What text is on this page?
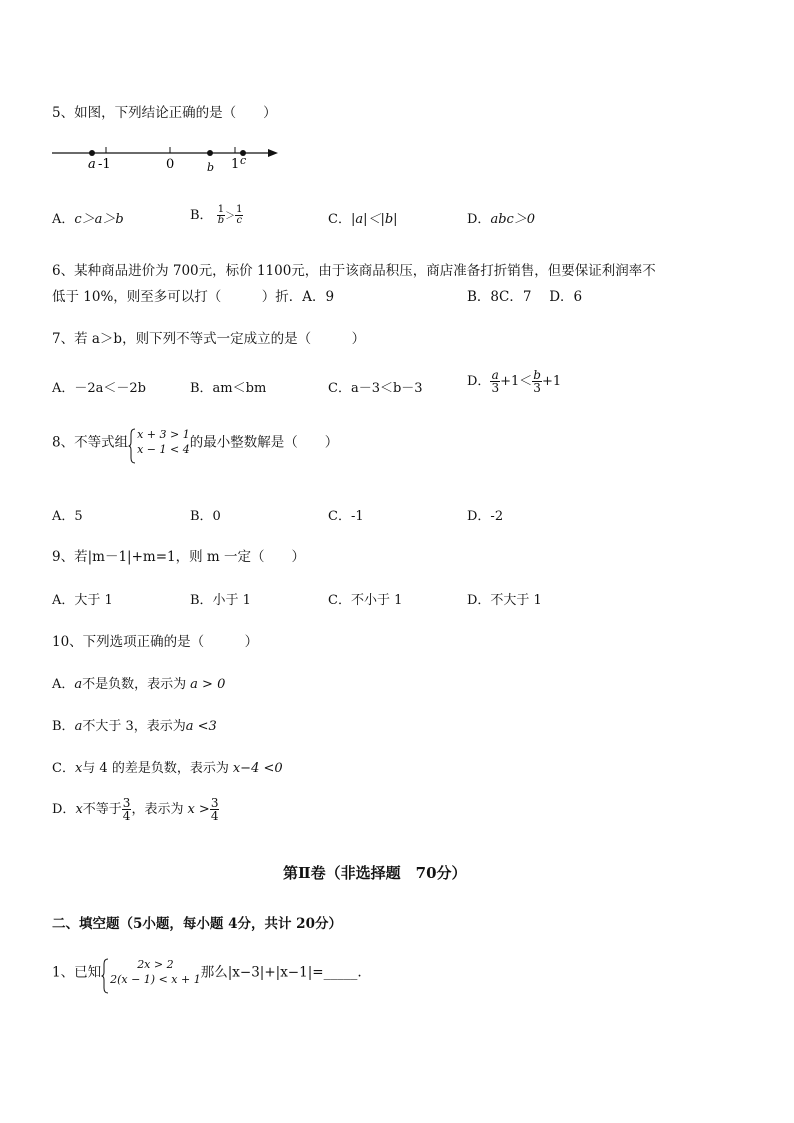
5、如图，下列结论正确的是（　　）
a -1	0	b 1 c
A．c＞a＞b	B． $\frac{1}{b} > \frac{1}{c}$	C．|a|＜|b|	D．abc＞0
6、某种商品进价为 700元，标价 1100元，由于该商品积压，商店准备打折销售，但要保证利润率不
低于 10%，则至多可以打（　　　）折．A．9	B．8C．7　 D．6
7、若 a＞b，则下列不等式一定成立的是（　　　）
A．－2a＜－2b	B．am＜bm	C．a－3＜b－3	D． $\frac{a}{3} +1< \frac{b}{3} +1$
8、不等式组 x + 3 > 1
x − 1 < 4 的最小整数解是（　　）
A．5	B．0	C．-1	D．-2
9、若|m－1|+m=1，则 m 一定（　　）
A．大于 1	B．小于 1	C．不小于 1	D．不大于 1
10、下列选项正确的是（　　　）
A．a不是负数，表示为 a > 0
B．a不大于 3，表示为a <3
C．x与 4 的差是负数，表示为 x−4 <0
D．x不等于 $\frac{3}{4}$ ，表示为 $x > \frac{3}{4}$
第Ⅱ卷（非选择题　70分）
二、填空题（5小题，每小题 4分，共计 20分）
1、已知	2x > 2
2(x − 1) < x + 1 那么|x−3|+|x−1|=_____.
